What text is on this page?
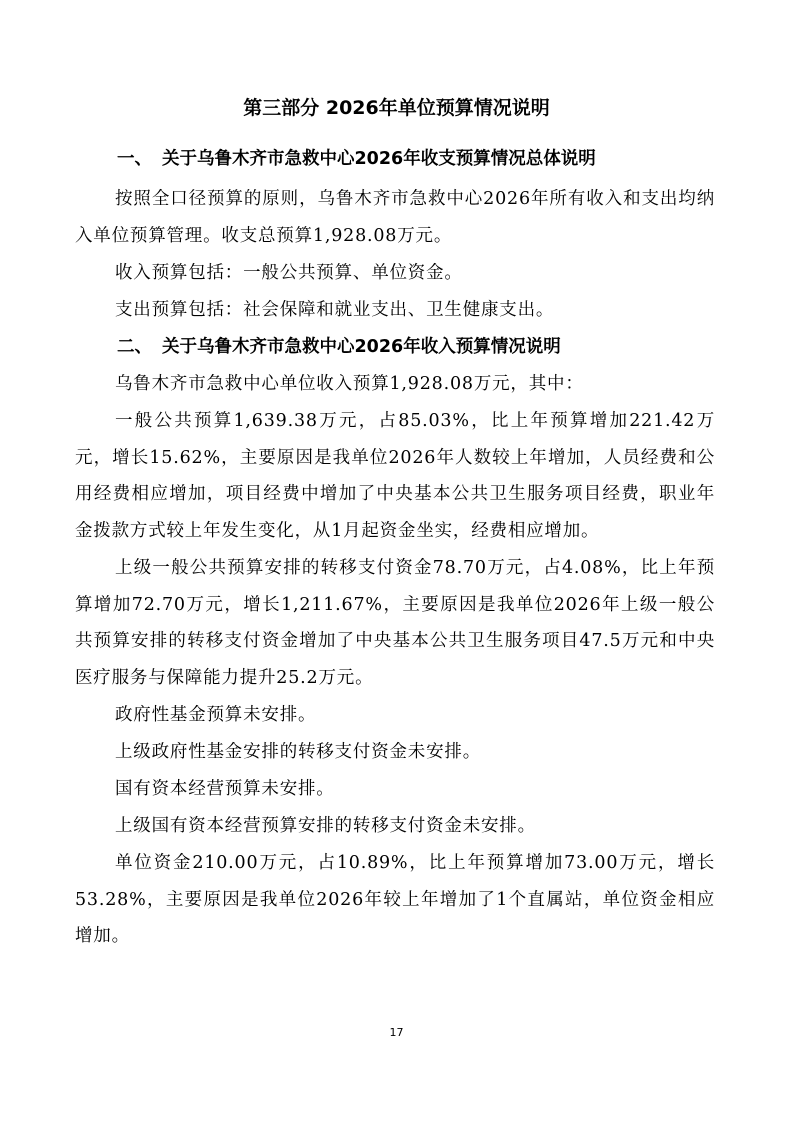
第三部分 2026年单位预算情况说明
一、 关于乌鲁木齐市急救中心2026年收支预算情况总体说明
按照全口径预算的原则，乌鲁木齐市急救中心2026年所有收入和支出均纳入单位预算管理。收支总预算1,928.08万元。
收入预算包括：一般公共预算、单位资金。
支出预算包括：社会保障和就业支出、卫生健康支出。
二、 关于乌鲁木齐市急救中心2026年收入预算情况说明
乌鲁木齐市急救中心单位收入预算1,928.08万元，其中：
一般公共预算1,639.38万元，占85.03%，比上年预算增加221.42万元，增长15.62%，主要原因是我单位2026年人数较上年增加，人员经费和公用经费相应增加，项目经费中增加了中央基本公共卫生服务项目经费，职业年金拨款方式较上年发生变化，从1月起资金坐实，经费相应增加。
上级一般公共预算安排的转移支付资金78.70万元，占4.08%，比上年预算增加72.70万元，增长1,211.67%，主要原因是我单位2026年上级一般公共预算安排的转移支付资金增加了中央基本公共卫生服务项目47.5万元和中央医疗服务与保障能力提升25.2万元。
政府性基金预算未安排。
上级政府性基金安排的转移支付资金未安排。
国有资本经营预算未安排。
上级国有资本经营预算安排的转移支付资金未安排。
单位资金210.00万元，占10.89%，比上年预算增加73.00万元，增长53.28%，主要原因是我单位2026年较上年增加了1个直属站，单位资金相应增加。
17
